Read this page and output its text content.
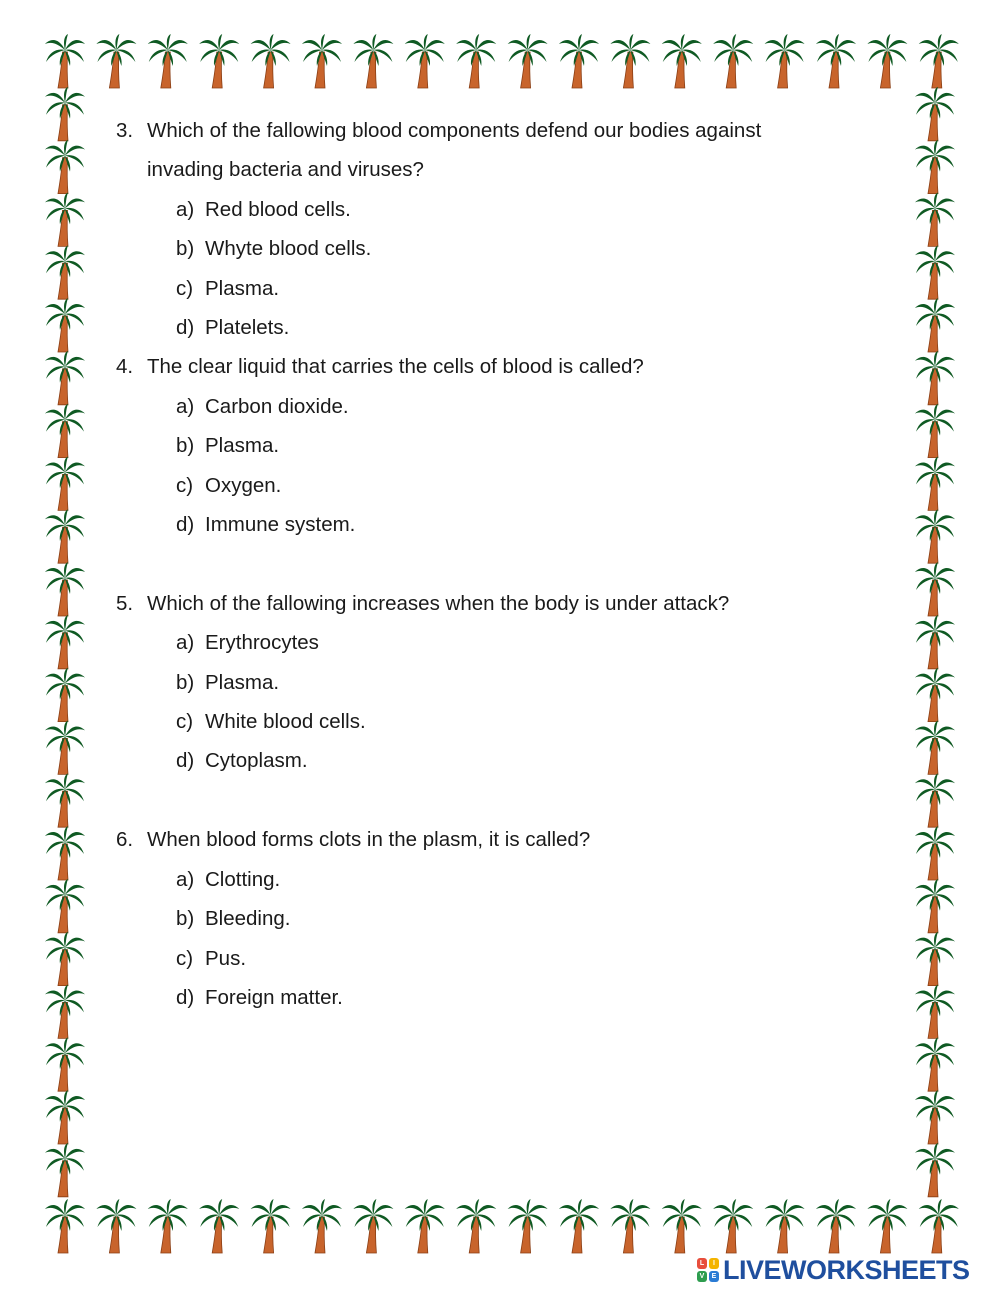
3. Which of the fallowing blood components defend our bodies against
invading bacteria and viruses?
a) Red blood cells.
b) Whyte blood cells.
c) Plasma.
d) Platelets.
4. The clear liquid that carries the cells of blood is called?
a) Carbon dioxide.
b) Plasma.
c) Oxygen.
d) Immune system.
5. Which of the fallowing increases when the body is under attack?
a) Erythrocytes
b) Plasma.
c) White blood cells.
d) Cytoplasm.
6. When blood forms clots in the plasm, it is called?
a) Clotting.
b) Bleeding.
c) Pus.
d) Foreign matter.
L	I
V	E LIVEWORKSHEETS
